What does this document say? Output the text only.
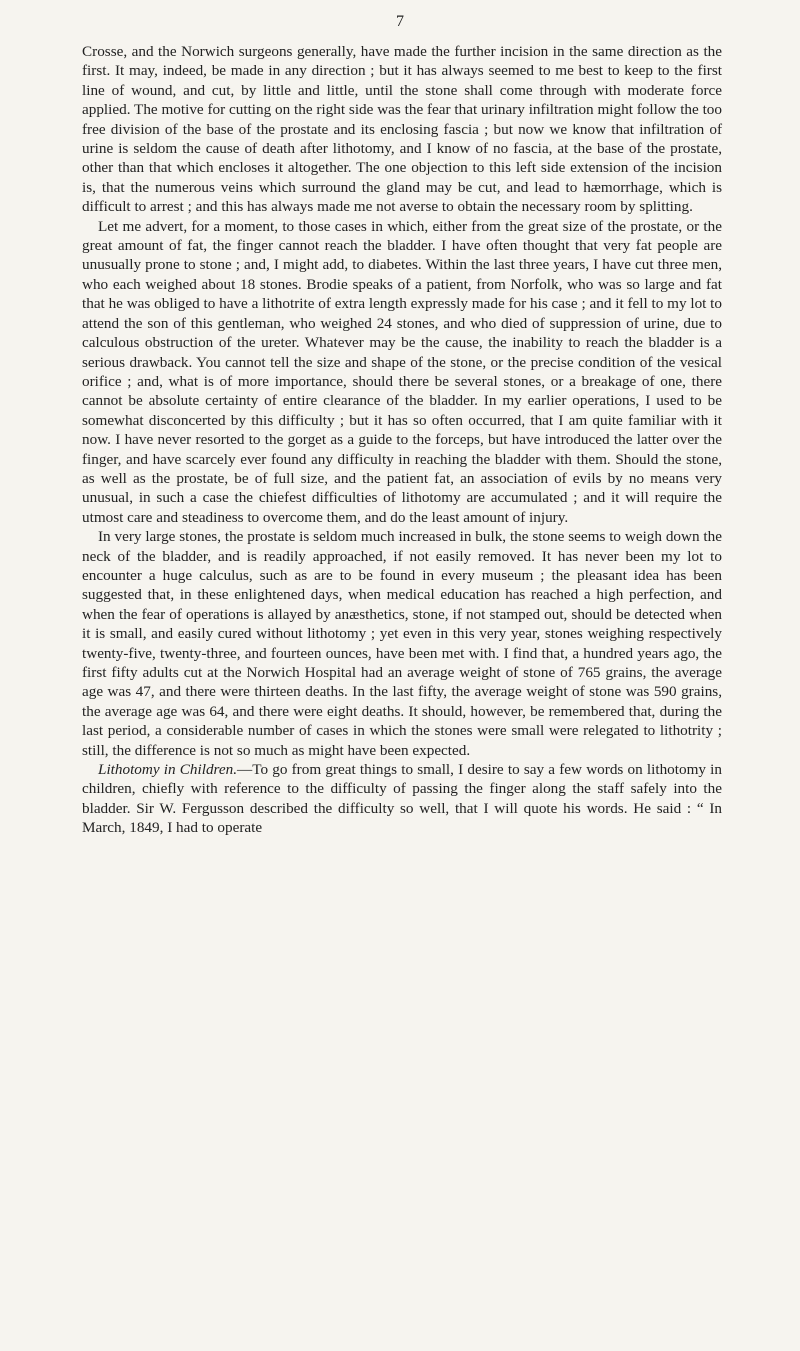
7

Crosse, and the Norwich surgeons generally, have made the further incision in the same direction as the first. It may, indeed, be made in any direction ; but it has always seemed to me best to keep to the first line of wound, and cut, by little and little, until the stone shall come through with moderate force applied. The motive for cutting on the right side was the fear that urinary infiltration might follow the too free division of the base of the prostate and its enclosing fascia ; but now we know that infiltration of urine is seldom the cause of death after lithotomy, and I know of no fascia, at the base of the prostate, other than that which encloses it altogether. The one objection to this left side extension of the incision is, that the numerous veins which surround the gland may be cut, and lead to hæmorrhage, which is difficult to arrest ; and this has always made me not averse to obtain the necessary room by splitting.

Let me advert, for a moment, to those cases in which, either from the great size of the prostate, or the great amount of fat, the finger cannot reach the bladder. I have often thought that very fat people are unusually prone to stone ; and, I might add, to diabetes. Within the last three years, I have cut three men, who each weighed about 18 stones. Brodie speaks of a patient, from Norfolk, who was so large and fat that he was obliged to have a lithotrite of extra length expressly made for his case ; and it fell to my lot to attend the son of this gentleman, who weighed 24 stones, and who died of suppression of urine, due to calculous obstruction of the ureter. Whatever may be the cause, the inability to reach the bladder is a serious drawback. You cannot tell the size and shape of the stone, or the precise condition of the vesical orifice ; and, what is of more importance, should there be several stones, or a breakage of one, there cannot be absolute certainty of entire clearance of the bladder. In my earlier operations, I used to be somewhat disconcerted by this difficulty ; but it has so often occurred, that I am quite familiar with it now. I have never resorted to the gorget as a guide to the forceps, but have introduced the latter over the finger, and have scarcely ever found any difficulty in reaching the bladder with them. Should the stone, as well as the prostate, be of full size, and the patient fat, an association of evils by no means very unusual, in such a case the chiefest difficulties of lithotomy are accumulated ; and it will require the utmost care and steadiness to overcome them, and do the least amount of injury.

In very large stones, the prostate is seldom much increased in bulk, the stone seems to weigh down the neck of the bladder, and is readily approached, if not easily removed. It has never been my lot to encounter a huge calculus, such as are to be found in every museum ; the pleasant idea has been suggested that, in these enlightened days, when medical education has reached a high perfection, and when the fear of operations is allayed by anæsthetics, stone, if not stamped out, should be detected when it is small, and easily cured without lithotomy ; yet even in this very year, stones weighing respectively twenty-five, twenty-three, and fourteen ounces, have been met with. I find that, a hundred years ago, the first fifty adults cut at the Norwich Hospital had an average weight of stone of 765 grains, the average age was 47, and there were thirteen deaths. In the last fifty, the average weight of stone was 590 grains, the average age was 64, and there were eight deaths. It should, however, be remembered that, during the last period, a considerable number of cases in which the stones were small were relegated to lithotrity ; still, the difference is not so much as might have been expected.

Lithotomy in Children.—To go from great things to small, I desire to say a few words on lithotomy in children, chiefly with reference to the difficulty of passing the finger along the staff safely into the bladder. Sir W. Fergusson described the difficulty so well, that I will quote his words. He said : “ In March, 1849, I had to operate
